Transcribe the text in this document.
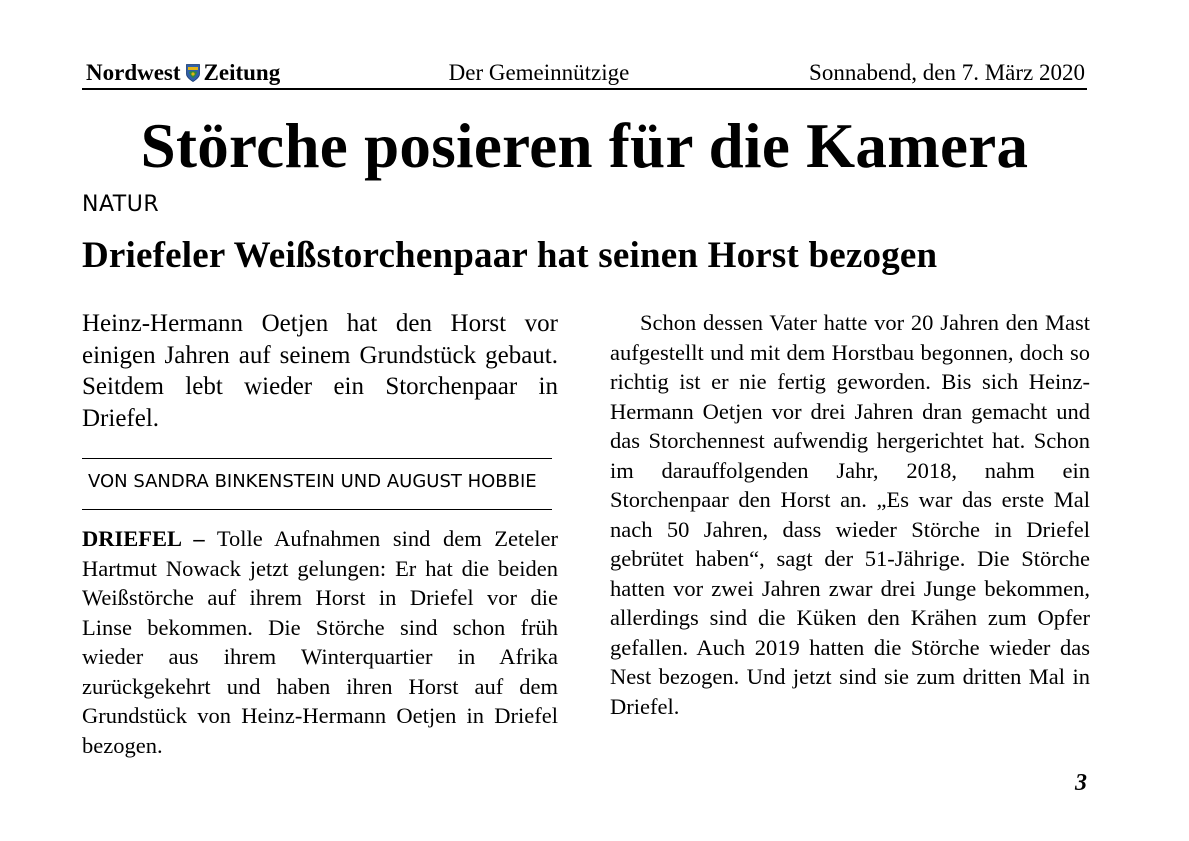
Nordwest Zeitung	Der Gemeinnützige	Sonnabend, den 7. März 2020
Störche posieren für die Kamera
NATUR
Driefeler Weißstorchenpaar hat seinen Horst bezogen

Heinz-Hermann Oetjen hat den Horst vor einigen Jahren auf seinem Grundstück gebaut. Seitdem lebt wieder ein Storchenpaar in Driefel.

VON SANDRA BINKENSTEIN UND AUGUST HOBBIE

DRIEFEL – Tolle Aufnahmen sind dem Zeteler Hartmut Nowack jetzt gelungen: Er hat die beiden Weißstörche auf ihrem Horst in Driefel vor die Linse bekommen. Die Störche sind schon früh wieder aus ihrem Winterquartier in Afrika zurückgekehrt und haben ihren Horst auf dem Grundstück von Heinz-Hermann Oetjen in Driefel bezogen.

Schon dessen Vater hatte vor 20 Jahren den Mast aufgestellt und mit dem Horstbau begonnen, doch so richtig ist er nie fertig geworden. Bis sich Heinz-Hermann Oetjen vor drei Jahren dran gemacht und das Storchennest aufwendig hergerichtet hat. Schon im darauffolgenden Jahr, 2018, nahm ein Storchenpaar den Horst an. „Es war das erste Mal nach 50 Jahren, dass wieder Störche in Driefel gebrütet haben“, sagt der 51-Jährige. Die Störche hatten vor zwei Jahren zwar drei Junge bekommen, allerdings sind die Küken den Krähen zum Opfer gefallen. Auch 2019 hatten die Störche wieder das Nest bezogen. Und jetzt sind sie zum dritten Mal in Driefel.

3
